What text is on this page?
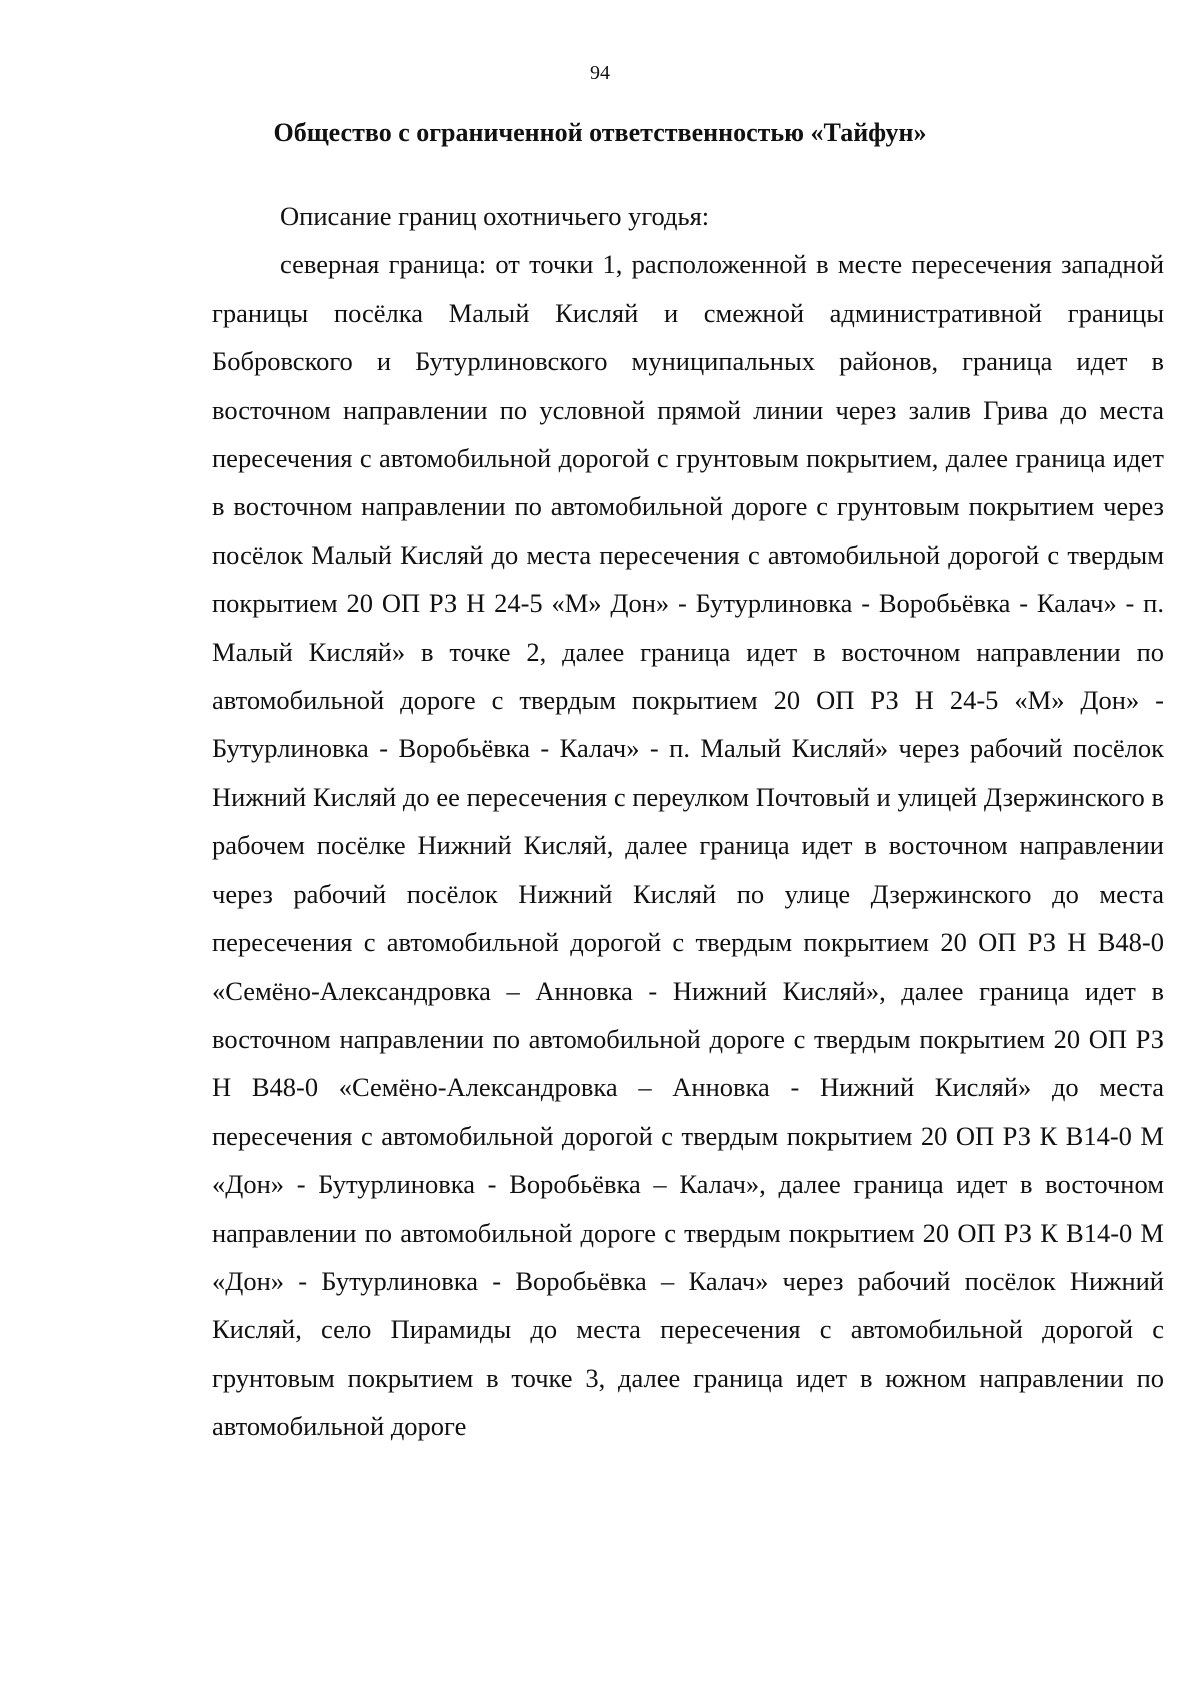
94
Общество с ограниченной ответственностью «Тайфун»

Описание границ охотничьего угодья:

северная граница: от точки 1, расположенной в месте пересечения западной границы посёлка Малый Кисляй и смежной административной границы Бобровского и Бутурлиновского муниципальных районов, граница идет в восточном направлении по условной прямой линии через залив Грива до места пересечения с автомобильной дорогой с грунтовым покрытием, далее граница идет в восточном направлении по автомобильной дороге с грунтовым покрытием через посёлок Малый Кисляй до места пересечения с автомобильной дорогой с твердым покрытием 20 ОП РЗ Н 24-5 «М» Дон» - Бутурлиновка - Воробьёвка - Калач» - п. Малый Кисляй» в точке 2, далее граница идет в восточном направлении по автомобильной дороге с твердым покрытием 20 ОП РЗ Н 24-5 «М» Дон» - Бутурлиновка - Воробьёвка - Калач» - п. Малый Кисляй» через рабочий посёлок Нижний Кисляй до ее пересечения с переулком Почтовый и улицей Дзержинского в рабочем посёлке Нижний Кисляй, далее граница идет в восточном направлении через рабочий посёлок Нижний Кисляй по улице Дзержинского до места пересечения с автомобильной дорогой с твердым покрытием 20 ОП РЗ Н В48-0 «Семёно-Александровка – Анновка - Нижний Кисляй», далее граница идет в восточном направлении по автомобильной дороге с твердым покрытием 20 ОП РЗ Н В48-0 «Семёно-Александровка – Анновка - Нижний Кисляй» до места пересечения с автомобильной дорогой с твердым покрытием 20 ОП РЗ К В14-0 М «Дон» - Бутурлиновка - Воробьёвка – Калач», далее граница идет в восточном направлении по автомобильной дороге с твердым покрытием 20 ОП РЗ К В14-0 М «Дон» - Бутурлиновка - Воробьёвка – Калач» через рабочий посёлок Нижний Кисляй, село Пирамиды до места пересечения с автомобильной дорогой с грунтовым покрытием в точке 3, далее граница идет в южном направлении по автомобильной дороге
